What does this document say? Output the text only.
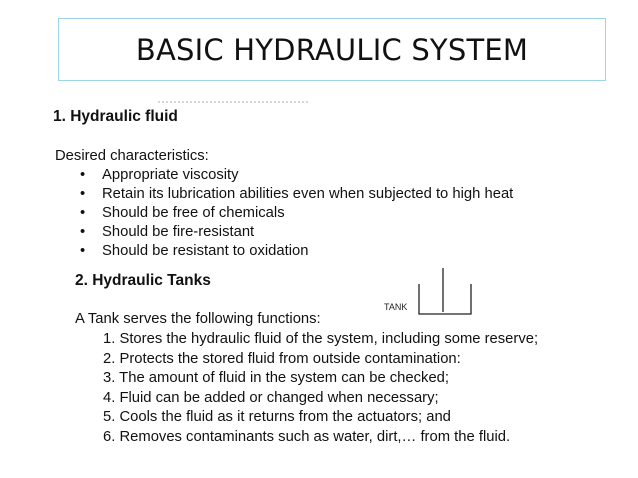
BASIC HYDRAULIC SYSTEM
1. Hydraulic fluid
Desired characteristics:
• Appropriate viscosity
• Retain its lubrication abilities even when subjected to high heat
• Should be free of chemicals
• Should be fire-resistant
• Should be resistant to oxidation
2. Hydraulic Tanks
TANK
A Tank serves the following functions:
1. Stores the hydraulic fluid of the system, including some reserve;
2. Protects the stored fluid from outside contamination:
3. The amount of fluid in the system can be checked;
4. Fluid can be added or changed when necessary;
5. Cools the fluid as it returns from the actuators; and
6. Removes contaminants such as water, dirt,… from the fluid.
